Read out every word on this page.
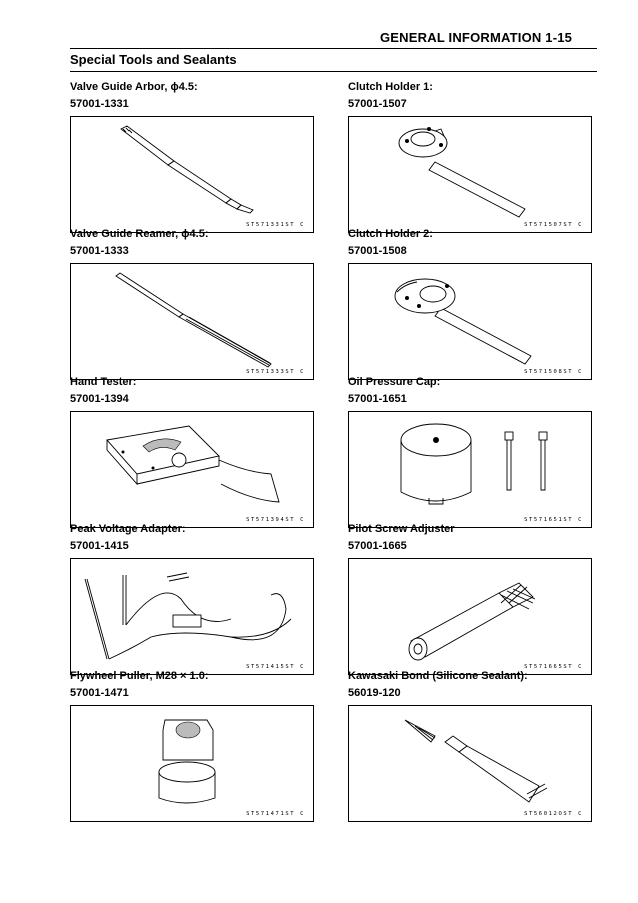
GENERAL INFORMATION 1-15
Special Tools and Sealants
Valve Guide Arbor, ϕ4.5:
57001-1331
ST571331ST C
Clutch Holder 1:
57001-1507
ST571507ST C
Valve Guide Reamer, ϕ4.5:
57001-1333
ST571333ST C
Clutch Holder 2:
57001-1508
ST571508ST C
Hand Tester:
57001-1394
ST571394ST C
Oil Pressure Cap:
57001-1651
ST571651ST C
Peak Voltage Adapter:
57001-1415
ST571415ST C
Pilot Screw Adjuster
57001-1665
ST571665ST C
Flywheel Puller, M28 × 1.0:
57001-1471
ST571471ST C
Kawasaki Bond (Silicone Sealant):
56019-120
ST56012OST C
